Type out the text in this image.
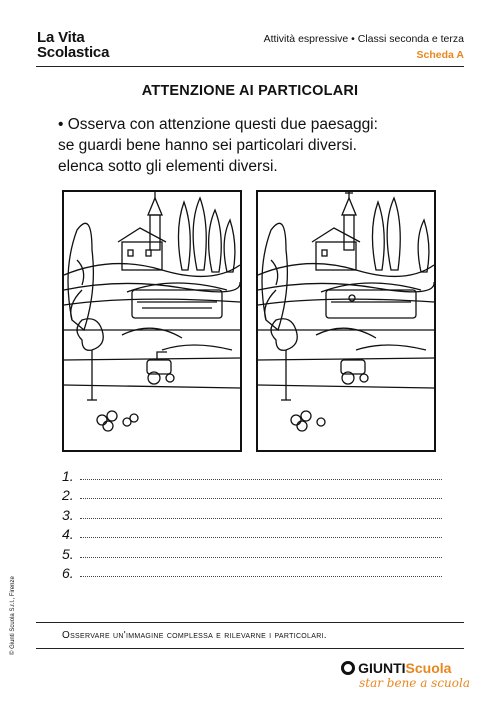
La Vita
Scolastica
Attività espressive • Classi seconda e terza
Scheda A
ATTENZIONE AI PARTICOLARI
• Osserva con attenzione questi due paesaggi:
se guardi bene hanno sei particolari diversi.
elenca sotto gli elementi diversi.
1.
2.
3.
4.
5.
6.
Osservare un'immagine complessa e rilevarne i particolari.
© Giunti Scuola S.r.l., Firenze
GIUNTIScuola
star bene a scuola
